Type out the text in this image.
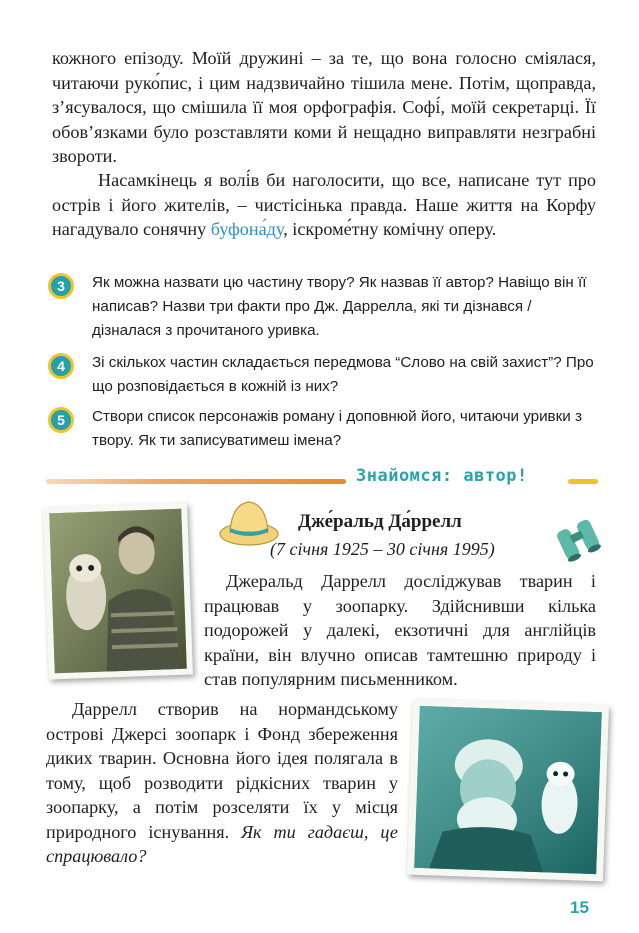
кожного епізоду. Моїй дружині – за те, що вона голосно сміялася, читаючи руко́пис, і цим надзвичайно тішила мене. Потім, щоправда, з’ясувалося, що смішила її моя орфографія. Софі́, моїй секретарці. Її обов’язками було розставляти коми й нещадно виправляти незграбні звороти.

Насамкінець я волі́в би наголосити, що все, написане тут про острів і його жителів, – чистісінька правда. Наше життя на Корфу нагадувало сонячну буфона́ду, іскроме́тну комічну оперу.

3	Як можна назвати цю частину твору? Як назвав її автор? Навіщо він її написав? Назви три факти про Дж. Даррелла, які ти дізнався / дізналася з прочитаного уривка.

4	Зі скількох частин складається передмова “Слово на свій захист”? Про що розповідається в кожній із них?

5	Створи список персонажів роману і доповнюй його, читаючи уривки з твору. Як ти записуватимеш імена?

Знайомся: автор!

Дже́ральд Да́ррелл

(7 січня 1925 – 30 січня 1995)

Джеральд Даррелл досліджував тварин і працював у зоопарку. Здійснивши кілька подорожей у далекі, екзотичні для англійців країни, він влучно описав тамтешню природу і став популярним письменником.

Даррелл створив на нормандському острові Джерсі зоопарк і Фонд збереження диких тварин. Основна його ідея полягала в тому, щоб розводити рідкісних тварин у зоопарку, а потім розселяти їх у місця природного існування. Як ти гадаєш, це спрацювало?

15
